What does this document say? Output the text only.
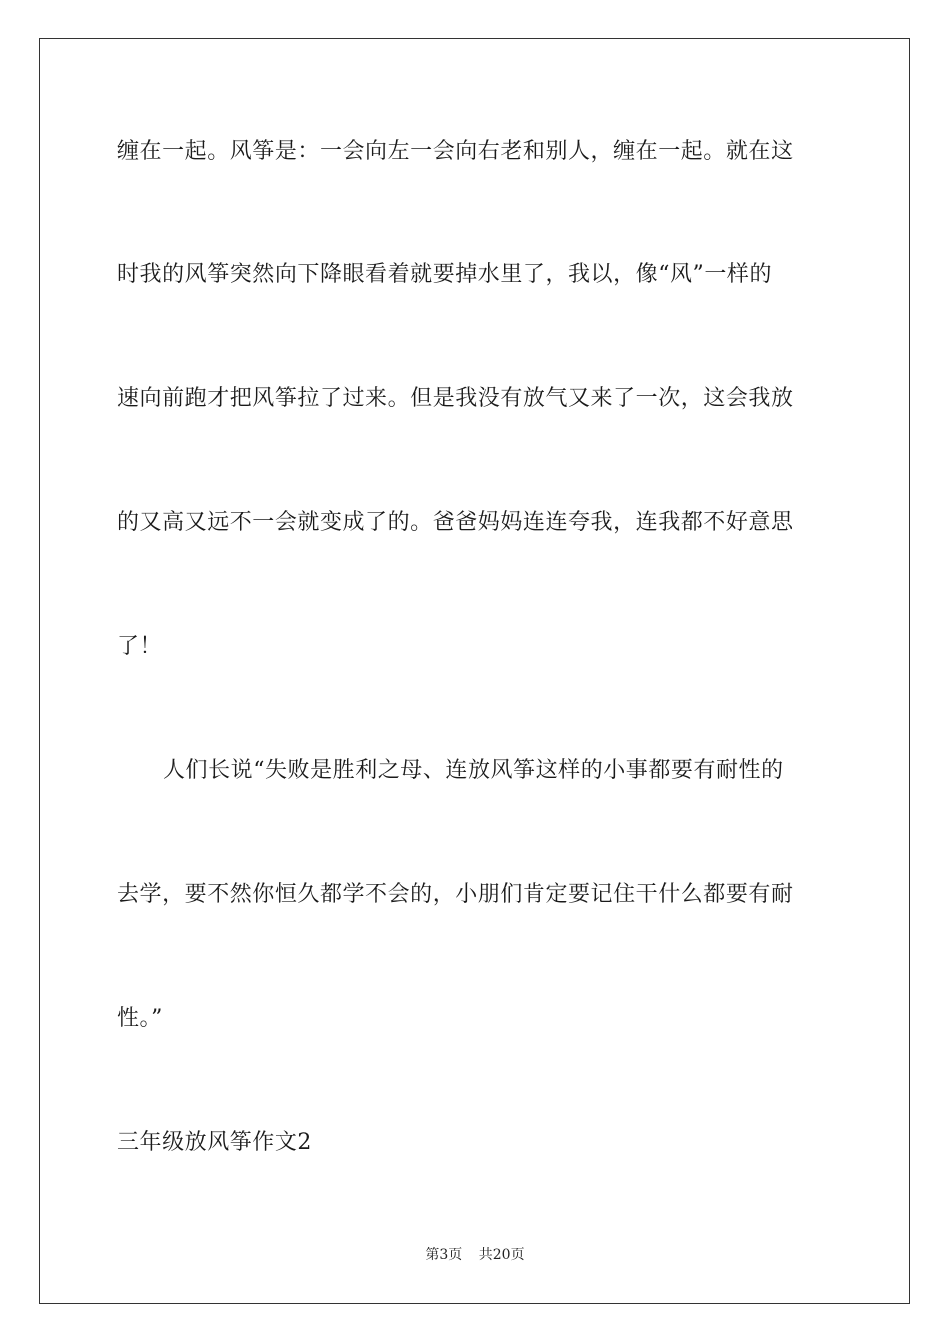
缠在一起。风筝是：一会向左一会向右老和别人，缠在一起。就在这
时我的风筝突然向下降眼看着就要掉水里了，我以，像“风”一样的
速向前跑才把风筝拉了过来。但是我没有放气又来了一次，这会我放
的又高又远不一会就变成了的。爸爸妈妈连连夸我，连我都不好意思
了！
人们长说“失败是胜利之母、连放风筝这样的小事都要有耐性的
去学，要不然你恒久都学不会的，小朋们肯定要记住干什么都要有耐
性。”
三年级放风筝作文2
第3页 共20页
